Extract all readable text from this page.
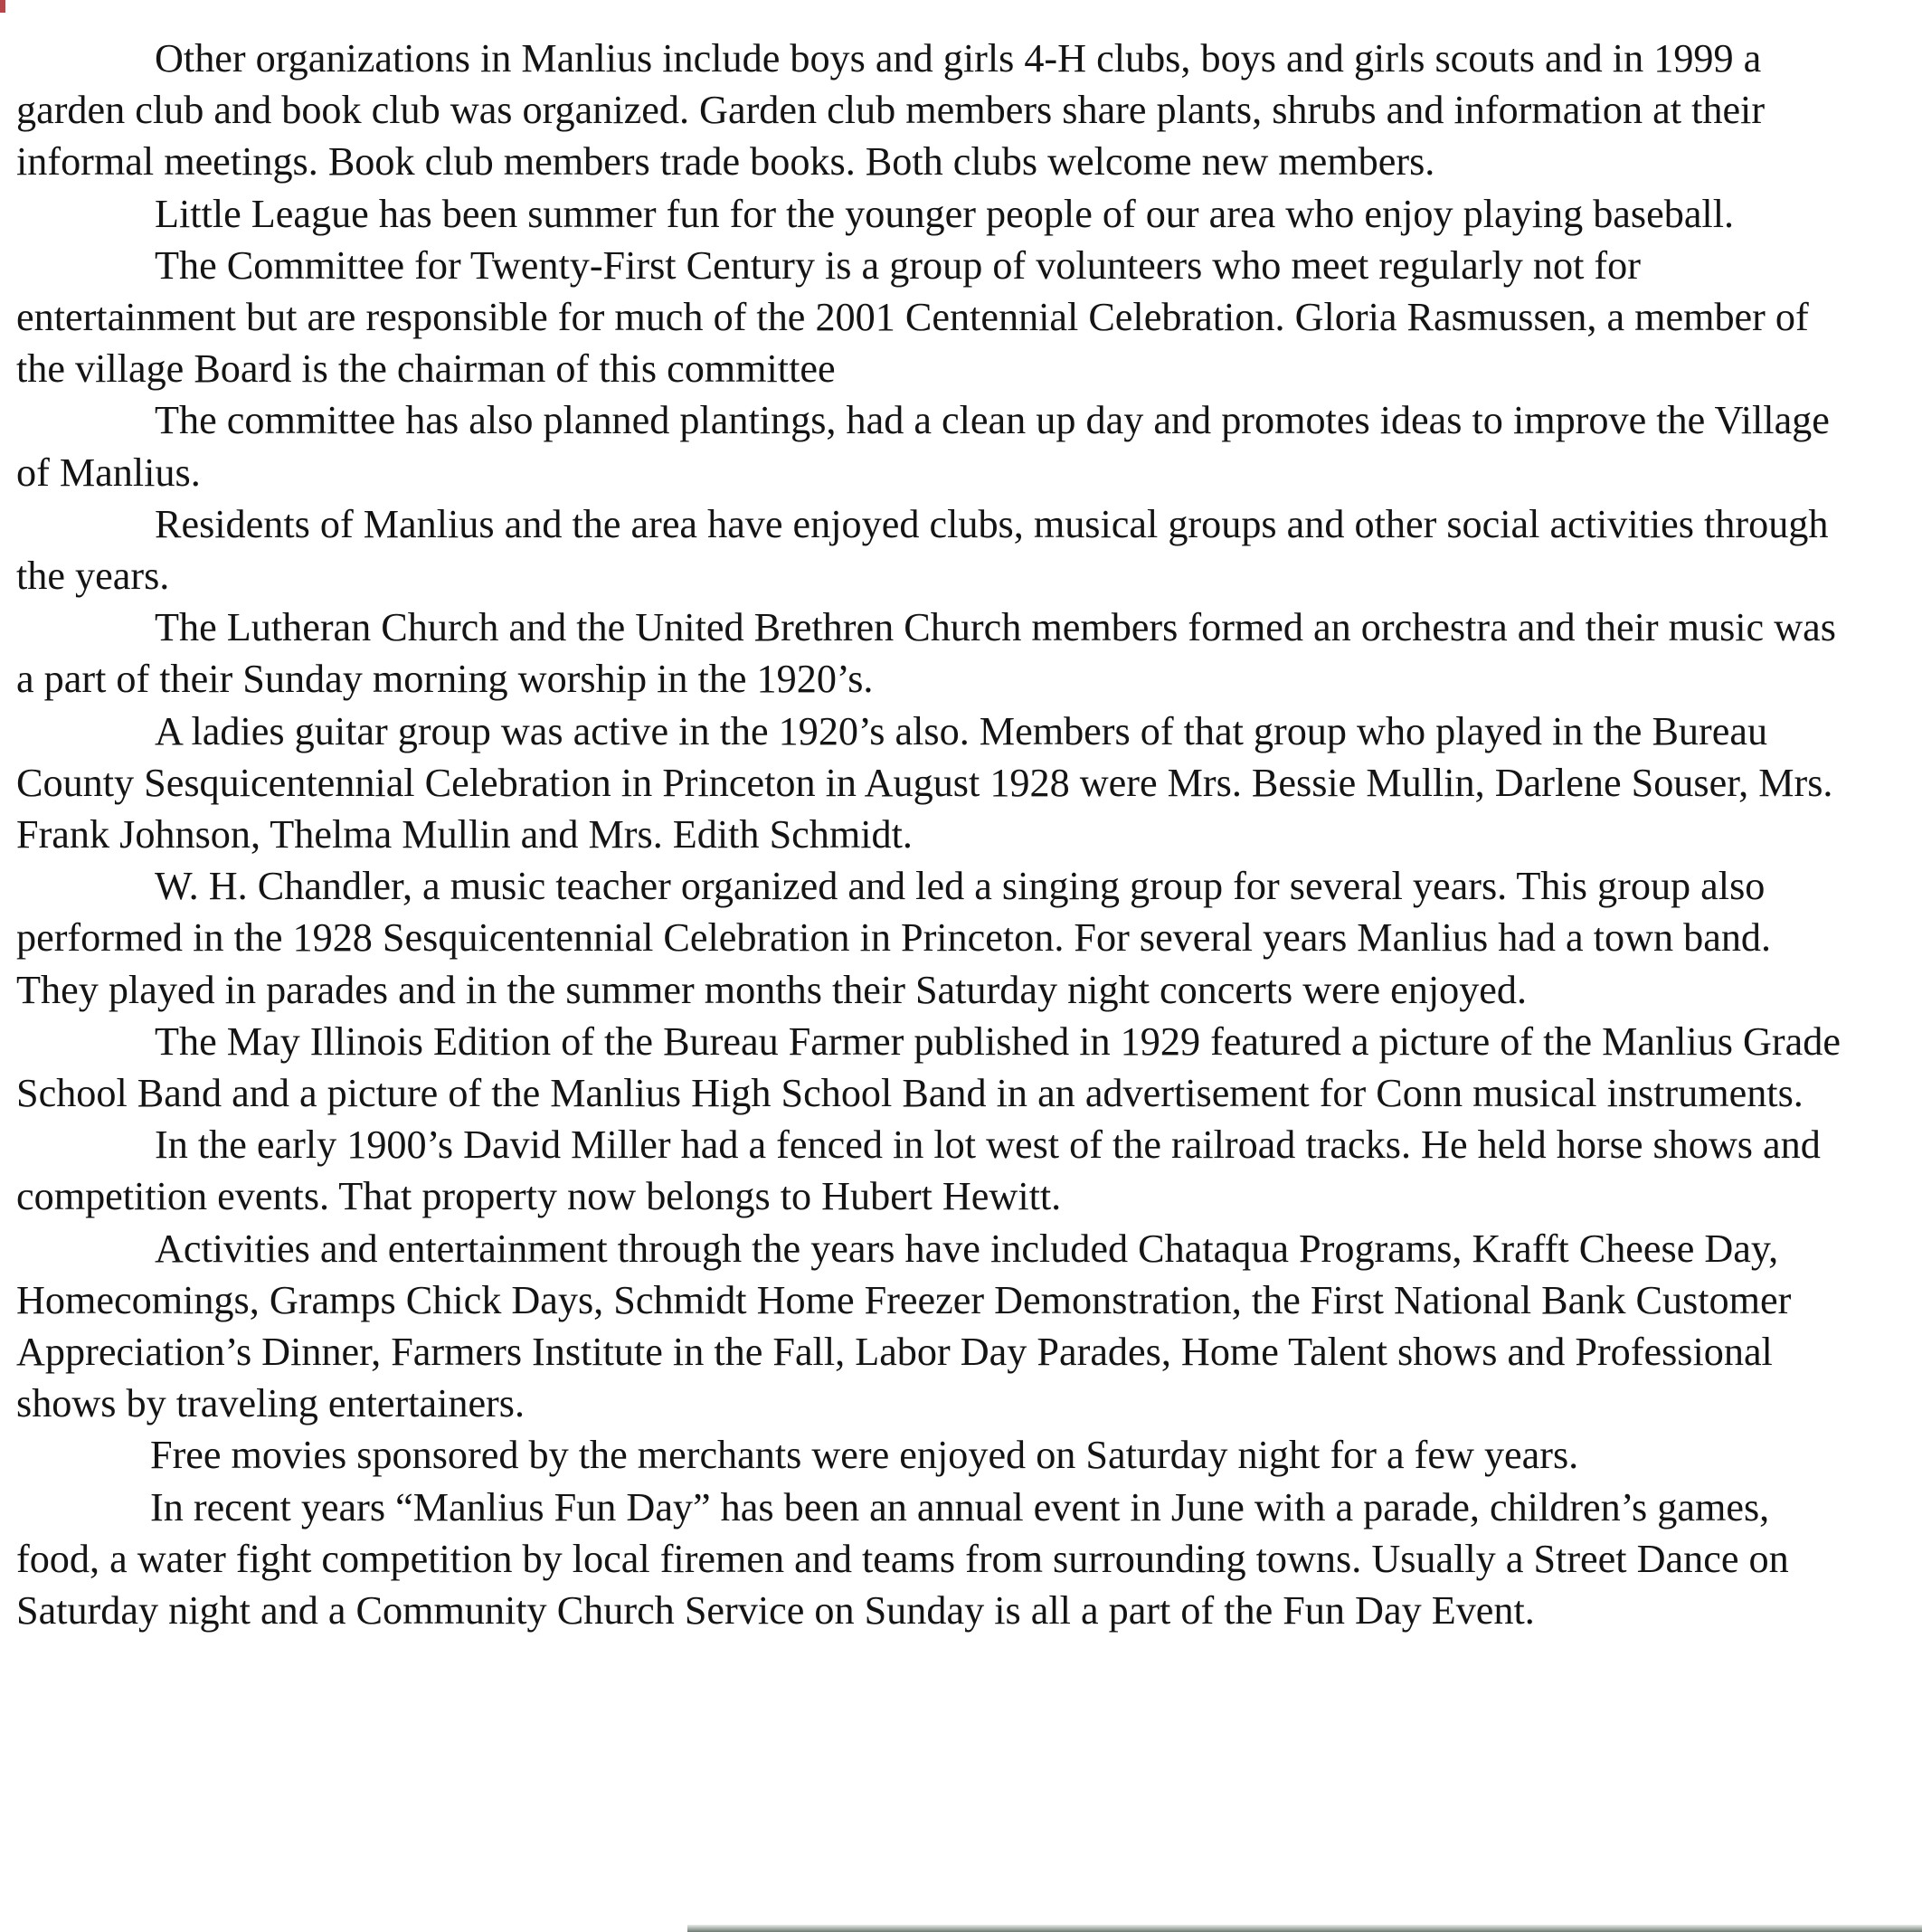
Other organizations in Manlius include boys and girls 4-H clubs, boys and girls scouts and in 1999 a garden club and book club was organized. Garden club members share plants, shrubs and information at their informal meetings. Book club members trade books. Both clubs welcome new members.

Little League has been summer fun for the younger people of our area who enjoy playing baseball.

The Committee for Twenty-First Century is a group of volunteers who meet regularly not for entertainment but are responsible for much of the 2001 Centennial Celebration. Gloria Rasmussen, a member of the village Board is the chairman of this committee

The committee has also planned plantings, had a clean up day and promotes ideas to improve the Village of Manlius.

Residents of Manlius and the area have enjoyed clubs, musical groups and other social activities through the years.

The Lutheran Church and the United Brethren Church members formed an orchestra and their music was a part of their Sunday morning worship in the 1920’s.

A ladies guitar group was active in the 1920’s also. Members of that group who played in the Bureau County Sesquicentennial Celebration in Princeton in August 1928 were Mrs. Bessie Mullin, Darlene Souser, Mrs. Frank Johnson, Thelma Mullin and Mrs. Edith Schmidt.

W. H. Chandler, a music teacher organized and led a singing group for several years. This group also performed in the 1928 Sesquicentennial Celebration in Princeton. For several years Manlius had a town band. They played in parades and in the summer months their Saturday night concerts were enjoyed.

The May Illinois Edition of the Bureau Farmer published in 1929 featured a picture of the Manlius Grade School Band and a picture of the Manlius High School Band in an advertisement for Conn musical instruments.

In the early 1900’s David Miller had a fenced in lot west of the railroad tracks. He held horse shows and competition events. That property now belongs to Hubert Hewitt.

Activities and entertainment through the years have included Chataqua Programs, Krafft Cheese Day, Homecomings, Gramps Chick Days, Schmidt Home Freezer Demonstration, the First National Bank Customer Appreciation’s Dinner, Farmers Institute in the Fall, Labor Day Parades, Home Talent shows and Professional shows by traveling entertainers.

Free movies sponsored by the merchants were enjoyed on Saturday night for a few years.

In recent years “Manlius Fun Day” has been an annual event in June with a parade, children’s games, food, a water fight competition by local firemen and teams from surrounding towns. Usually a Street Dance on Saturday night and a Community Church Service on Sunday is all a part of the Fun Day Event.
